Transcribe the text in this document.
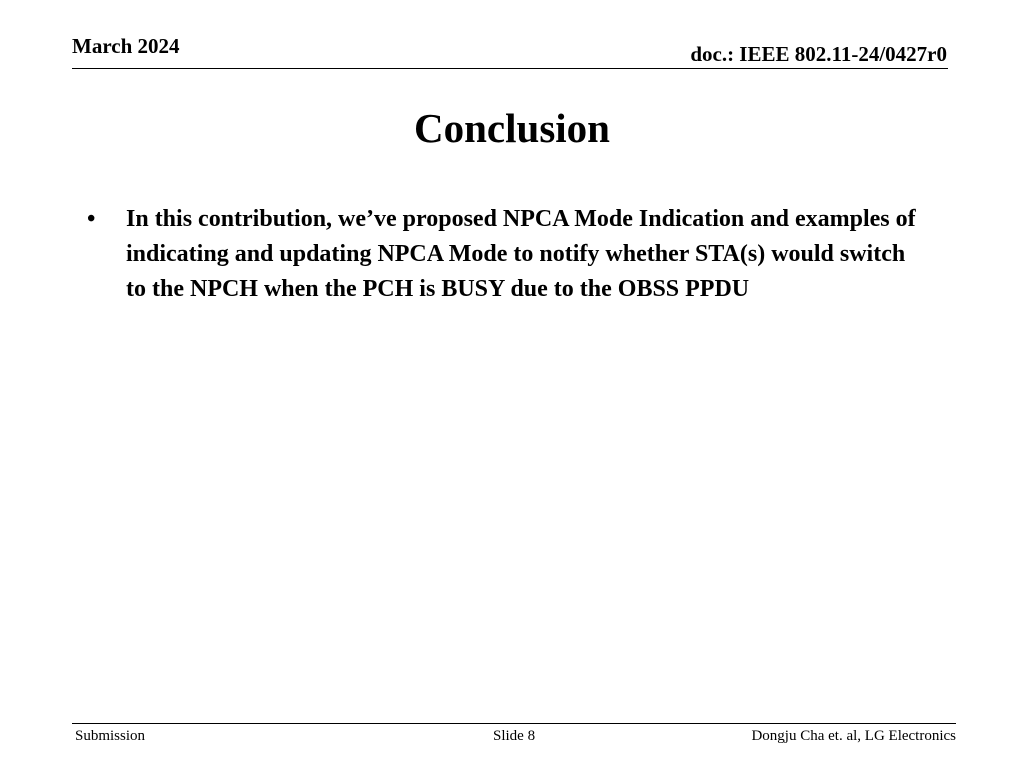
March 2024	doc.: IEEE 802.11-24/0427r0
Conclusion
•	In this contribution, we’ve proposed NPCA Mode Indication and examples of indicating and updating NPCA Mode to notify whether STA(s) would switch to the NPCH when the PCH is BUSY due to the OBSS PPDU
Submission	Slide 8	Dongju Cha et. al, LG Electronics
